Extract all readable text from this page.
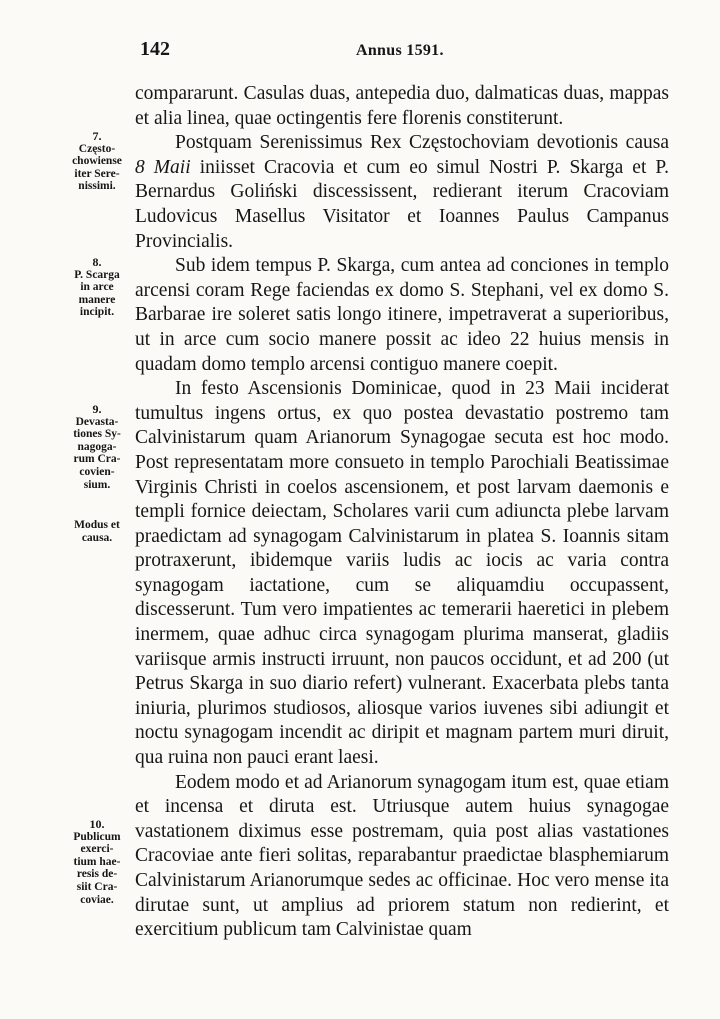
142	Annus 1591.

compararunt. Casulas duas, antepedia duo, dalmaticas duas, mappas et alia linea, quae octingentis fere florenis constiterunt.

Postquam Serenissimus Rex Częstochoviam devotionis causa 8 Maii iniisset Cracovia et cum eo simul Nostri P. Skarga et P. Bernardus Goliński discessissent, redierant iterum Cracoviam Ludovicus Masellus Visitator et Ioannes Paulus Campanus Provincialis.

Sub idem tempus P. Skarga, cum antea ad conciones in templo arcensi coram Rege faciendas ex domo S. Stephani, vel ex domo S. Barbarae ire soleret satis longo itinere, impetraverat a superioribus, ut in arce cum socio manere possit ac ideo 22 huius mensis in quadam domo templo arcensi contiguo manere coepit.

In festo Ascensionis Dominicae, quod in 23 Maii inciderat tumultus ingens ortus, ex quo postea devastatio postremo tam Calvinistarum quam Arianorum Synagogae secuta est hoc modo. Post representatam more consueto in templo Parochiali Beatissimae Virginis Christi in coelos ascensionem, et post larvam daemonis e templi fornice deiectam, Scholares varii cum adiuncta plebe larvam praedictam ad synagogam Calvinistarum in platea S. Ioannis sitam protraxerunt, ibidemque variis ludis ac iocis ac varia contra synagogam iactatione, cum se aliquamdiu occupassent, discesserunt. Tum vero impatientes ac temerarii haeretici in plebem inermem, quae adhuc circa synagogam plurima manserat, gladiis variisque armis instructi irruunt, non paucos occidunt, et ad 200 (ut Petrus Skarga in suo diario refert) vulnerant. Exacerbata plebs tanta iniuria, plurimos studiosos, aliosque varios iuvenes sibi adiungit et noctu synagogam incendit ac diripit et magnam partem muri diruit, qua ruina non pauci erant laesi.

Eodem modo et ad Arianorum synagogam itum est, quae etiam et incensa et diruta est. Utriusque autem huius synagogae vastationem diximus esse postremam, quia post alias vastationes Cracoviae ante fieri solitas, reparabantur praedictae blasphemiarum Calvinistarum Arianorumque sedes ac officinae. Hoc vero mense ita dirutae sunt, ut amplius ad priorem statum non redierint, et exercitium publicum tam Calvinistae quam

7.
Często-
chowiense
iter Sere-
nissimi.
8.
P. Scarga
in arce
manere
incipit.
9.
Devasta-
tiones Sy-
nagoga-
rum Cra-
covien-
sium.
Modus et
causa.
10.
Publicum
exerci-
tium hae-
resis de-
siit Cra-
coviae.
